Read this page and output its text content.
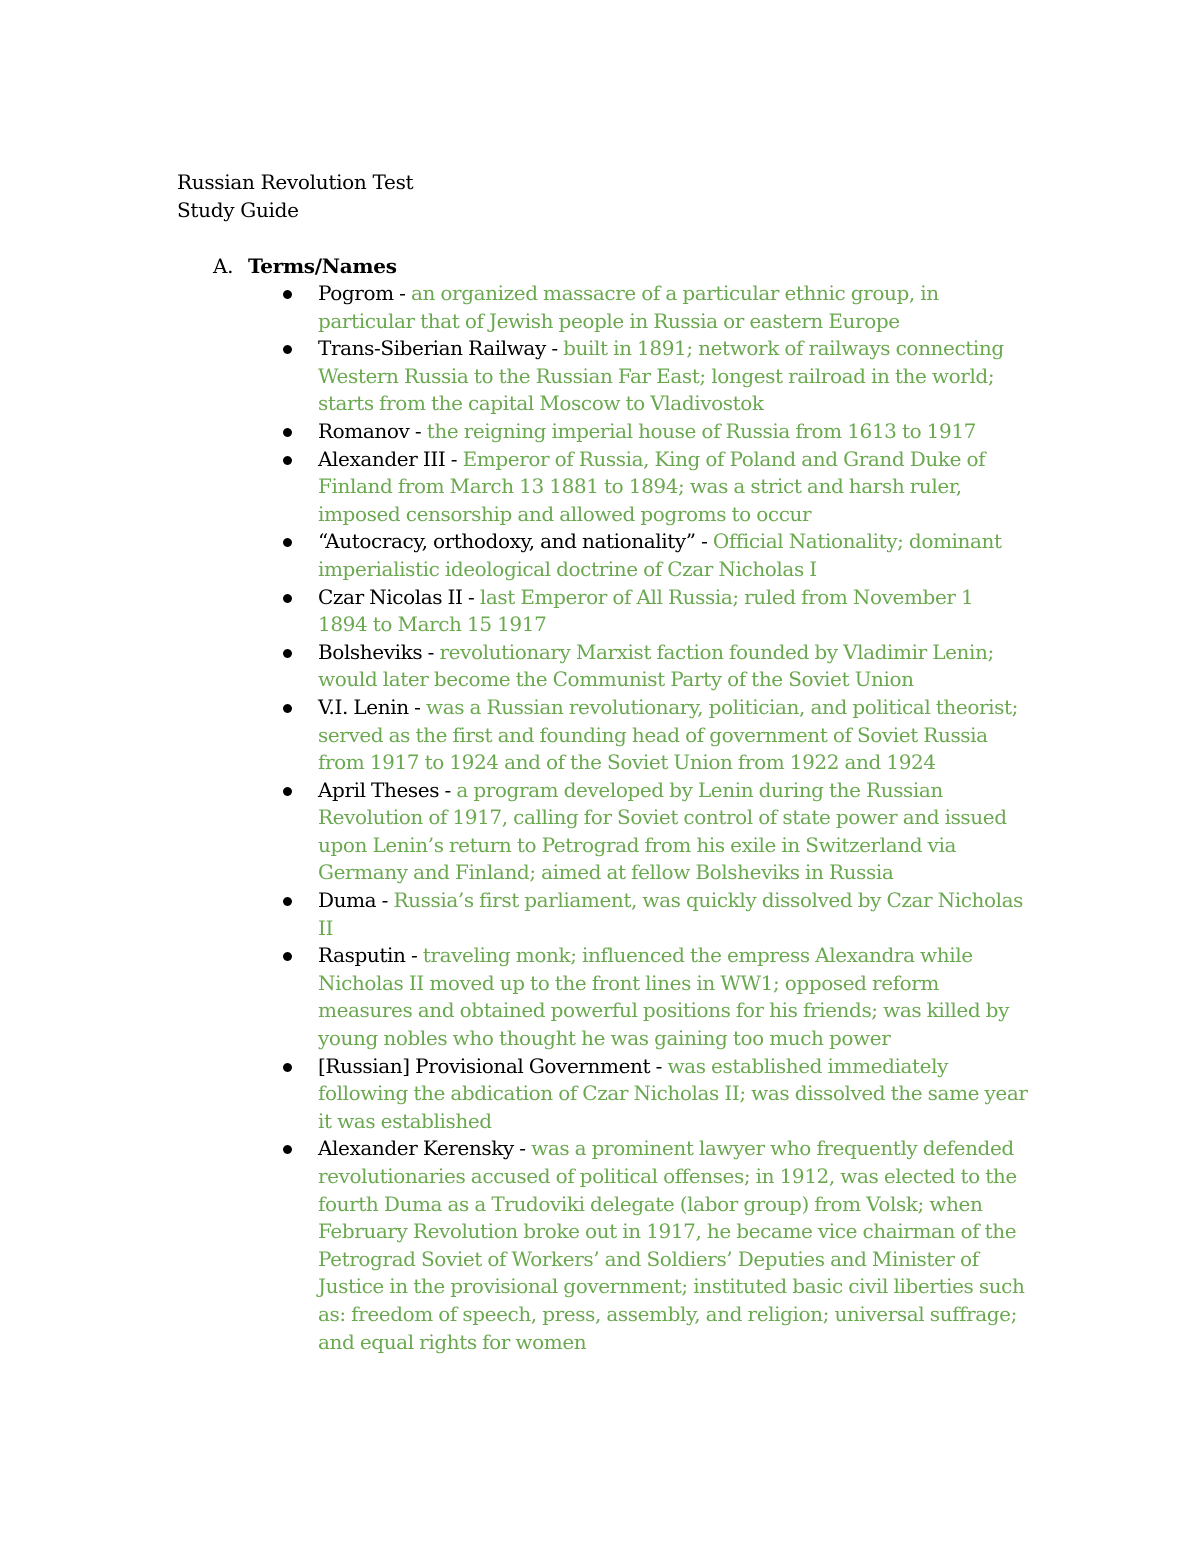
Russian Revolution Test
Study Guide
A. Terms/Names
Pogrom - an organized massacre of a particular ethnic group, in particular that of Jewish people in Russia or eastern Europe
Trans-Siberian Railway - built in 1891; network of railways connecting Western Russia to the Russian Far East; longest railroad in the world; starts from the capital Moscow to Vladivostok
Romanov - the reigning imperial house of Russia from 1613 to 1917
Alexander III - Emperor of Russia, King of Poland and Grand Duke of Finland from March 13 1881 to 1894; was a strict and harsh ruler, imposed censorship and allowed pogroms to occur
“Autocracy, orthodoxy, and nationality” - Official Nationality; dominant imperialistic ideological doctrine of Czar Nicholas I
Czar Nicolas II - last Emperor of All Russia; ruled from November 1 1894 to March 15 1917
Bolsheviks - revolutionary Marxist faction founded by Vladimir Lenin; would later become the Communist Party of the Soviet Union
V.I. Lenin - was a Russian revolutionary, politician, and political theorist; served as the first and founding head of government of Soviet Russia from 1917 to 1924 and of the Soviet Union from 1922 and 1924
April Theses - a program developed by Lenin during the Russian Revolution of 1917, calling for Soviet control of state power and issued upon Lenin’s return to Petrograd from his exile in Switzerland via Germany and Finland; aimed at fellow Bolsheviks in Russia
Duma - Russia’s first parliament, was quickly dissolved by Czar Nicholas II
Rasputin - traveling monk; influenced the empress Alexandra while Nicholas II moved up to the front lines in WW1; opposed reform measures and obtained powerful positions for his friends; was killed by young nobles who thought he was gaining too much power
[Russian] Provisional Government - was established immediately following the abdication of Czar Nicholas II; was dissolved the same year it was established
Alexander Kerensky - was a prominent lawyer who frequently defended revolutionaries accused of political offenses; in 1912, was elected to the fourth Duma as a Trudoviki delegate (labor group) from Volsk; when February Revolution broke out in 1917, he became vice chairman of the Petrograd Soviet of Workers’ and Soldiers’ Deputies and Minister of Justice in the provisional government; instituted basic civil liberties such as: freedom of speech, press, assembly, and religion; universal suffrage; and equal rights for women
